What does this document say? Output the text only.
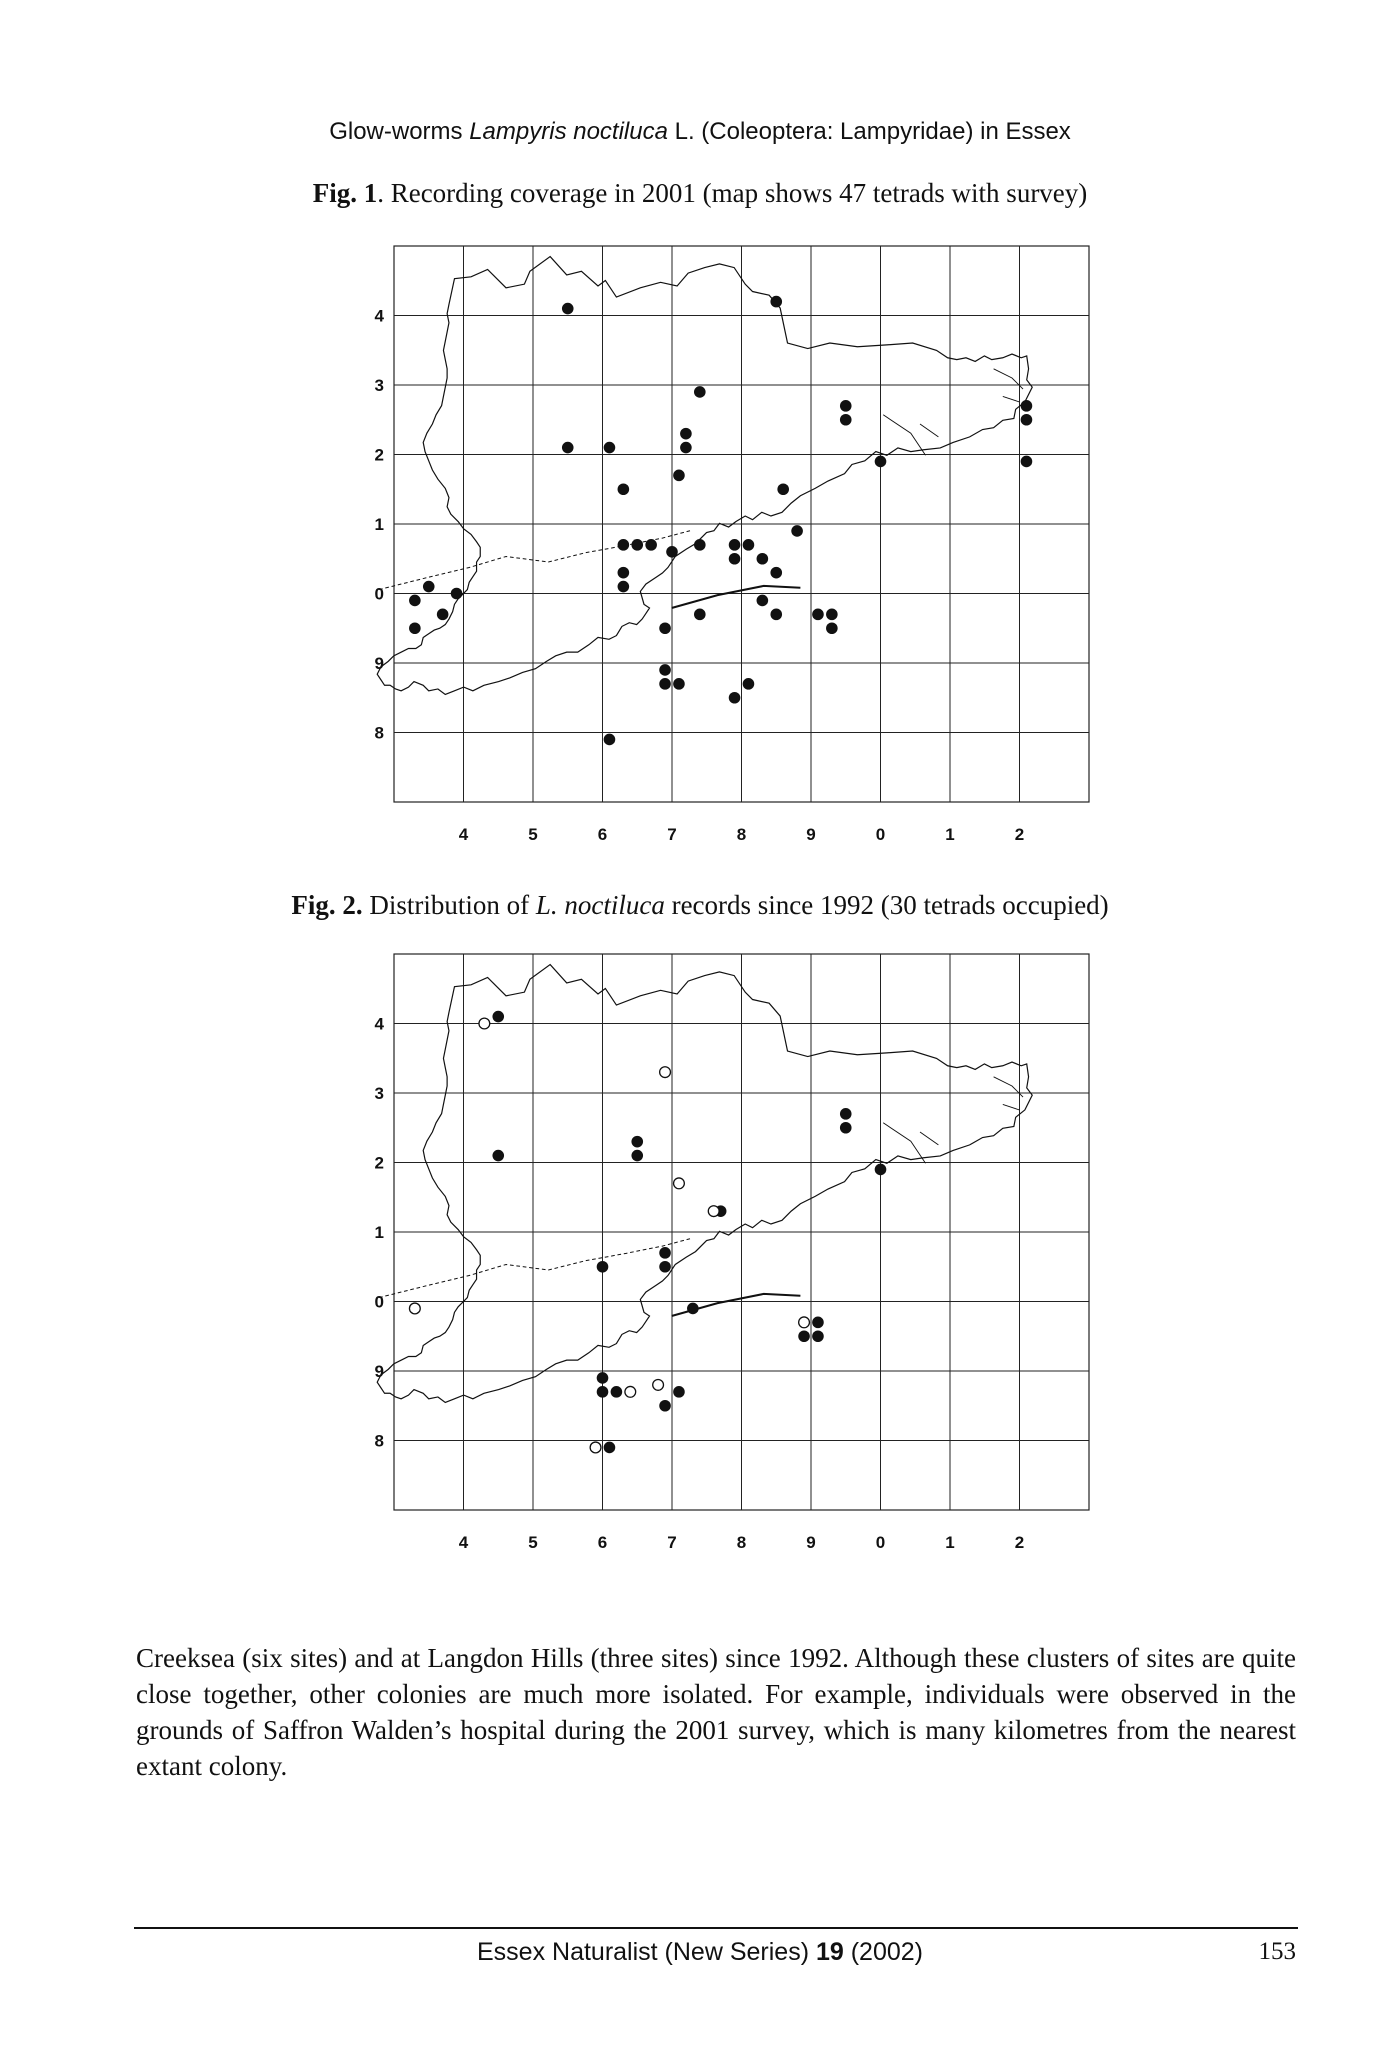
Glow-worms Lampyris noctiluca L. (Coleoptera: Lampyridae) in Essex
Fig. 1. Recording coverage in 2001 (map shows 47 tetrads with survey)
4	5	6	7	8	9	0	1	2
4
3
2
1
0
9
8
Fig. 2. Distribution of L. noctiluca records since 1992 (30 tetrads occupied)
4	5	6	7	8	9	0	1	2
4
3
2
1
0
9
8

Creeksea (six sites) and at Langdon Hills (three sites) since 1992. Although these clusters of sites are quite close together, other colonies are much more isolated. For example, individuals were observed in the grounds of Saffron Walden’s hospital during the 2001 survey, which is many kilometres from the nearest extant colony.

Essex Naturalist (New Series) 19 (2002)	153
